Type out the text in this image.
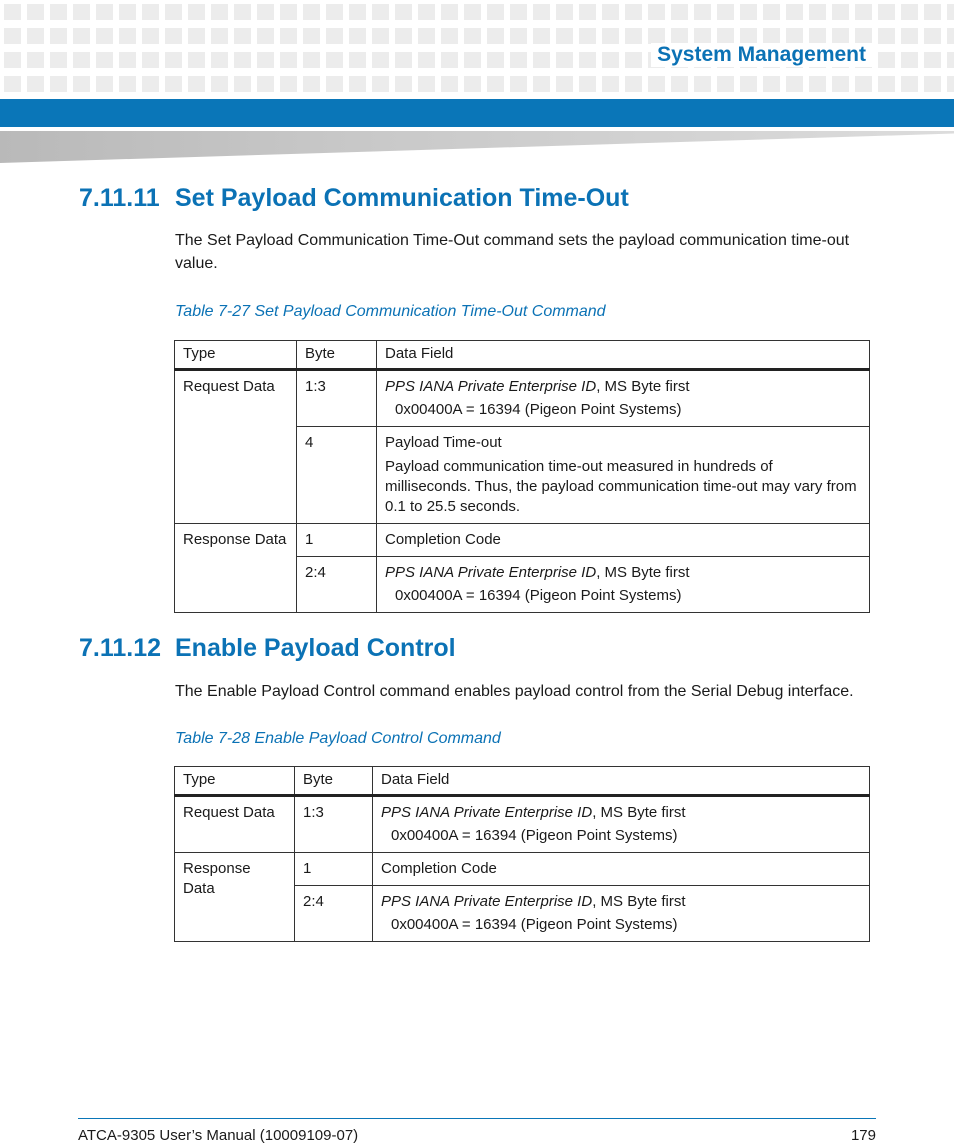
System Management
7.11.11 Set Payload Communication Time-Out

The Set Payload Communication Time-Out command sets the payload communication time-out value.

Table 7-27 Set Payload Communication Time-Out Command

Type	Byte	Data Field
Request Data	1:3	PPS IANA Private Enterprise ID, MS Byte first
0x00400A = 16394 (Pigeon Point Systems)

	4	Payload Time-out
Payload communication time-out measured in hundreds of milliseconds. Thus, the payload communication time-out may vary from 0.1 to 25.5 seconds.

Response Data	1	Completion Code
	2:4	PPS IANA Private Enterprise ID, MS Byte first
0x00400A = 16394 (Pigeon Point Systems)
7.11.12 Enable Payload Control

The Enable Payload Control command enables payload control from the Serial Debug interface.

Table 7-28 Enable Payload Control Command

Type	Byte	Data Field
Request Data	1:3	PPS IANA Private Enterprise ID, MS Byte first
0x00400A = 16394 (Pigeon Point Systems)

Response Data	1	Completion Code
	2:4	PPS IANA Private Enterprise ID, MS Byte first
0x00400A = 16394 (Pigeon Point Systems)
ATCA-9305 User’s Manual (10009109-07)	179
